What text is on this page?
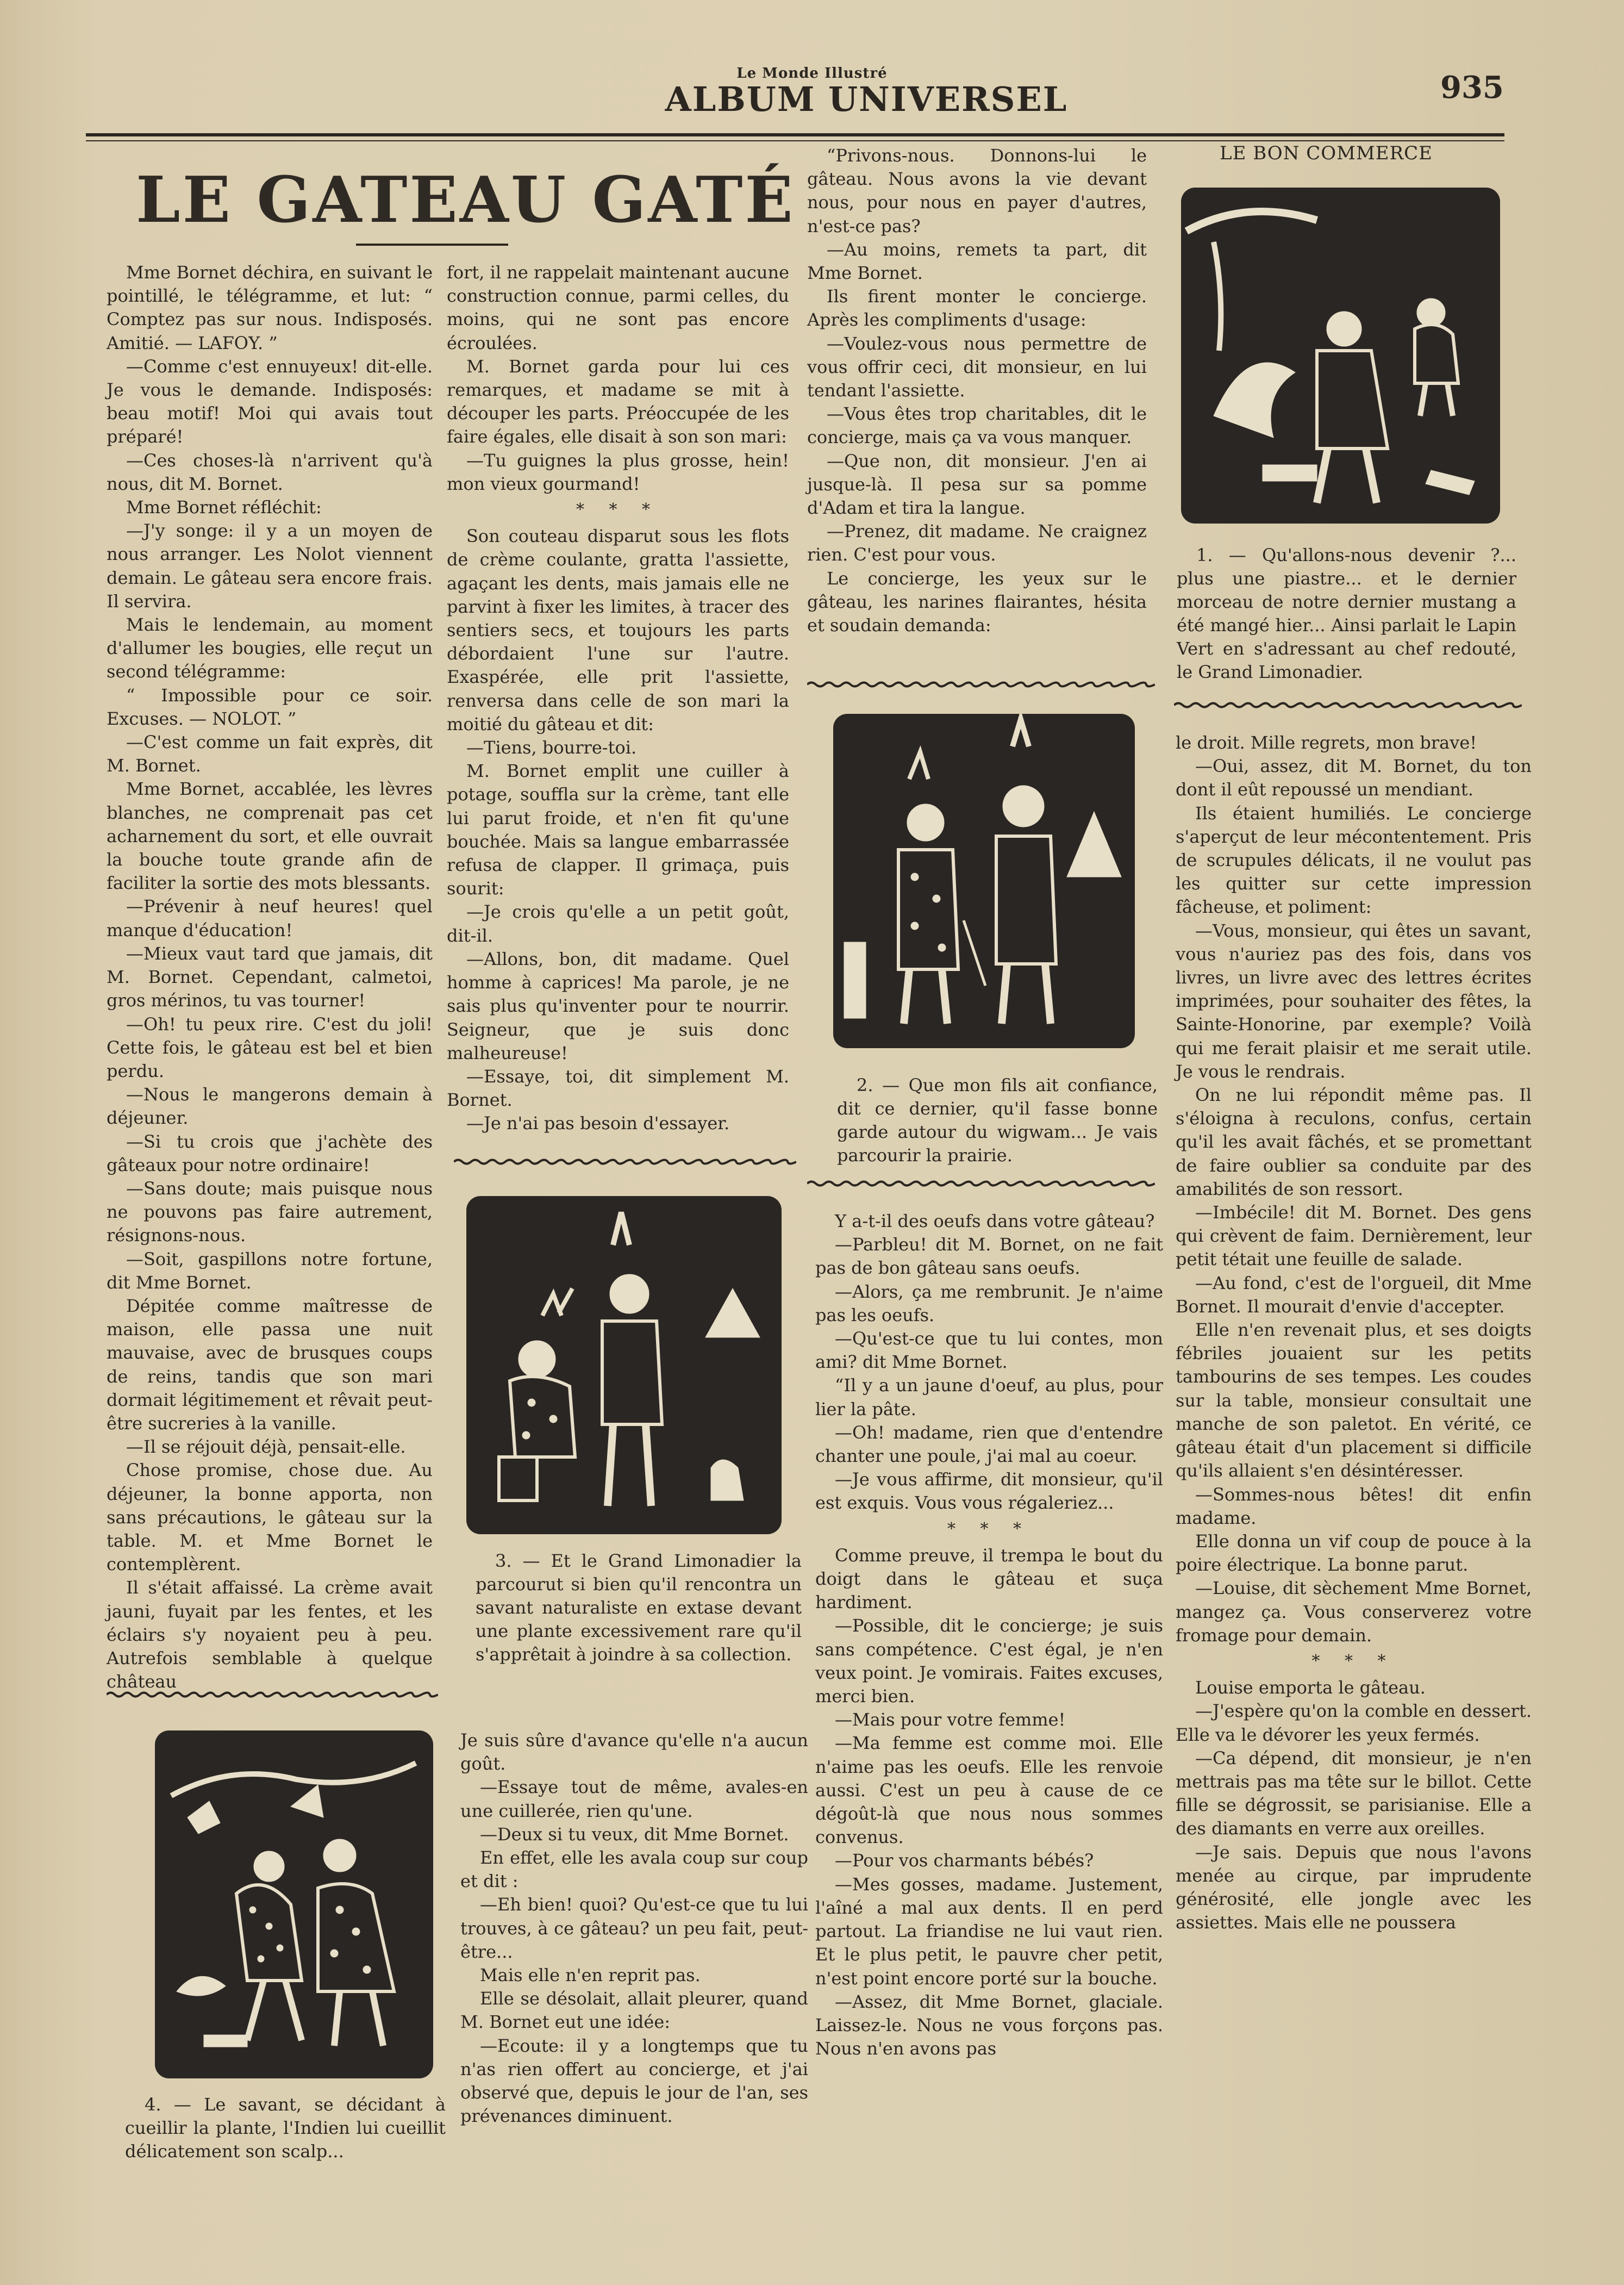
Le Monde Illustré
ALBUM UNIVERSEL	935
LE GATEAU GATÉ

Mme Bornet déchira, en suivant le pointillé, le télégramme, et lut: “ Comptez pas sur nous. Indisposés. Amitié. — LAFOY. ”

—Comme c'est ennuyeux! dit-elle. Je vous le demande. Indisposés: beau motif! Moi qui avais tout préparé!

—Ces choses-là n'arrivent qu'à nous, dit M. Bornet.

Mme Bornet réfléchit:

—J'y songe: il y a un moyen de nous arranger. Les Nolot viennent demain. Le gâteau sera encore frais. Il servira.

Mais le lendemain, au moment d'allumer les bougies, elle reçut un second télégramme:

“ Impossible pour ce soir. Excuses. — NOLOT. ”

—C'est comme un fait exprès, dit M. Bornet.

Mme Bornet, accablée, les lèvres blanches, ne comprenait pas cet acharnement du sort, et elle ouvrait la bouche toute grande afin de faciliter la sortie des mots blessants.

—Prévenir à neuf heures! quel manque d'éducation!

—Mieux vaut tard que jamais, dit M. Bornet. Cependant, calmetoi, gros mérinos, tu vas tourner!

—Oh! tu peux rire. C'est du joli! Cette fois, le gâteau est bel et bien perdu.

—Nous le mangerons demain à déjeuner.

—Si tu crois que j'achète des gâteaux pour notre ordinaire!

—Sans doute; mais puisque nous ne pouvons pas faire autrement, résignons-nous.

—Soit, gaspillons notre fortune, dit Mme Bornet.

Dépitée comme maîtresse de maison, elle passa une nuit mauvaise, avec de brusques coups de reins, tandis que son mari dormait légitimement et rêvait peut-être sucreries à la vanille.

—Il se réjouit déjà, pensait-elle.

Chose promise, chose due. Au déjeuner, la bonne apporta, non sans précautions, le gâteau sur la table. M. et Mme Bornet le contemplèrent.

Il s'était affaissé. La crème avait jauni, fuyait par les fentes, et les éclairs s'y noyaient peu à peu. Autrefois semblable à quelque château

4. — Le savant, se décidant à cueillir la plante, l'Indien lui cueillit délicatement son scalp...

fort, il ne rappelait maintenant aucune construction connue, parmi celles, du moins, qui ne sont pas encore écroulées.

M. Bornet garda pour lui ces remarques, et madame se mit à découper les parts. Préoccupée de les faire égales, elle disait à son son mari:

—Tu guignes la plus grosse, hein! mon vieux gourmand!

* * *

Son couteau disparut sous les flots de crème coulante, gratta l'assiette, agaçant les dents, mais jamais elle ne parvint à fixer les limites, à tracer des sentiers secs, et toujours les parts débordaient l'une sur l'autre. Exaspérée, elle prit l'assiette, renversa dans celle de son mari la moitié du gâteau et dit:

—Tiens, bourre-toi.

M. Bornet emplit une cuiller à potage, souffla sur la crème, tant elle lui parut froide, et n'en fit qu'une bouchée. Mais sa langue embarrassée refusa de clapper. Il grimaça, puis sourit:

—Je crois qu'elle a un petit goût, dit-il.

—Allons, bon, dit madame. Quel homme à caprices! Ma parole, je ne sais plus qu'inventer pour te nourrir. Seigneur, que je suis donc malheureuse!

—Essaye, toi, dit simplement M. Bornet.

—Je n'ai pas besoin d'essayer.

3. — Et le Grand Limonadier la parcourut si bien qu'il rencontra un savant naturaliste en extase devant une plante excessivement rare qu'il s'apprêtait à joindre à sa collection.

Je suis sûre d'avance qu'elle n'a aucun goût.

—Essaye tout de même, avales-en une cuillerée, rien qu'une.

—Deux si tu veux, dit Mme Bornet.

En effet, elle les avala coup sur coup et dit :

—Eh bien! quoi? Qu'est-ce que tu lui trouves, à ce gâteau? un peu fait, peut-être...

Mais elle n'en reprit pas.

Elle se désolait, allait pleurer, quand M. Bornet eut une idée:

—Ecoute: il y a longtemps que tu n'as rien offert au concierge, et j'ai observé que, depuis le jour de l'an, ses prévenances diminuent.

“Privons-nous. Donnons-lui le gâteau. Nous avons la vie devant nous, pour nous en payer d'autres, n'est-ce pas?

—Au moins, remets ta part, dit Mme Bornet.

Ils firent monter le concierge. Après les compliments d'usage:

—Voulez-vous nous permettre de vous offrir ceci, dit monsieur, en lui tendant l'assiette.

—Vous êtes trop charitables, dit le concierge, mais ça va vous manquer.

—Que non, dit monsieur. J'en ai jusque-là. Il pesa sur sa pomme d'Adam et tira la langue.

—Prenez, dit madame. Ne craignez rien. C'est pour vous.

Le concierge, les yeux sur le gâteau, les narines flairantes, hésita et soudain demanda:

2. — Que mon fils ait confiance, dit ce dernier, qu'il fasse bonne garde autour du wigwam... Je vais parcourir la prairie.

Y a-t-il des oeufs dans votre gâteau?

—Parbleu! dit M. Bornet, on ne fait pas de bon gâteau sans oeufs.

—Alors, ça me rembrunit. Je n'aime pas les oeufs.

—Qu'est-ce que tu lui contes, mon ami? dit Mme Bornet.

“Il y a un jaune d'oeuf, au plus, pour lier la pâte.

—Oh! madame, rien que d'entendre chanter une poule, j'ai mal au coeur.

—Je vous affirme, dit monsieur, qu'il est exquis. Vous vous régaleriez...

* * *

Comme preuve, il trempa le bout du doigt dans le gâteau et suça hardiment.

—Possible, dit le concierge; je suis sans compétence. C'est égal, je n'en veux point. Je vomirais. Faites excuses, merci bien.

—Mais pour votre femme!

—Ma femme est comme moi. Elle n'aime pas les oeufs. Elle les renvoie aussi. C'est un peu à cause de ce dégoût-là que nous nous sommes convenus.

—Pour vos charmants bébés?

—Mes gosses, madame. Justement, l'aîné a mal aux dents. Il en perd partout. La friandise ne lui vaut rien. Et le plus petit, le pauvre cher petit, n'est point encore porté sur la bouche.

—Assez, dit Mme Bornet, glaciale. Laissez-le. Nous ne vous forçons pas. Nous n'en avons pas

LE BON COMMERCE

1. — Qu'allons-nous devenir ?... plus une piastre... et le dernier morceau de notre dernier mustang a été mangé hier... Ainsi parlait le Lapin Vert en s'adressant au chef redouté, le Grand Limonadier.

le droit. Mille regrets, mon brave!

—Oui, assez, dit M. Bornet, du ton dont il eût repoussé un mendiant.

Ils étaient humiliés. Le concierge s'aperçut de leur mécontentement. Pris de scrupules délicats, il ne voulut pas les quitter sur cette impression fâcheuse, et poliment:

—Vous, monsieur, qui êtes un savant, vous n'auriez pas des fois, dans vos livres, un livre avec des lettres écrites imprimées, pour souhaiter des fêtes, la Sainte-Honorine, par exemple? Voilà qui me ferait plaisir et me serait utile. Je vous le rendrais.

On ne lui répondit même pas. Il s'éloigna à reculons, confus, certain qu'il les avait fâchés, et se promettant de faire oublier sa conduite par des amabilités de son ressort.

—Imbécile! dit M. Bornet. Des gens qui crèvent de faim. Dernièrement, leur petit tétait une feuille de salade.

—Au fond, c'est de l'orgueil, dit Mme Bornet. Il mourait d'envie d'accepter.

Elle n'en revenait plus, et ses doigts fébriles jouaient sur les petits tambourins de ses tempes. Les coudes sur la table, monsieur consultait une manche de son paletot. En vérité, ce gâteau était d'un placement si difficile qu'ils allaient s'en désintéresser.

—Sommes-nous bêtes! dit enfin madame.

Elle donna un vif coup de pouce à la poire électrique. La bonne parut.

—Louise, dit sèchement Mme Bornet, mangez ça. Vous conserverez votre fromage pour demain.

* * *

Louise emporta le gâteau.

—J'espère qu'on la comble en dessert. Elle va le dévorer les yeux fermés.

—Ca dépend, dit monsieur, je n'en mettrais pas ma tête sur le billot. Cette fille se dégrossit, se parisianise. Elle a des diamants en verre aux oreilles.

—Je sais. Depuis que nous l'avons menée au cirque, par imprudente générosité, elle jongle avec les assiettes. Mais elle ne poussera
